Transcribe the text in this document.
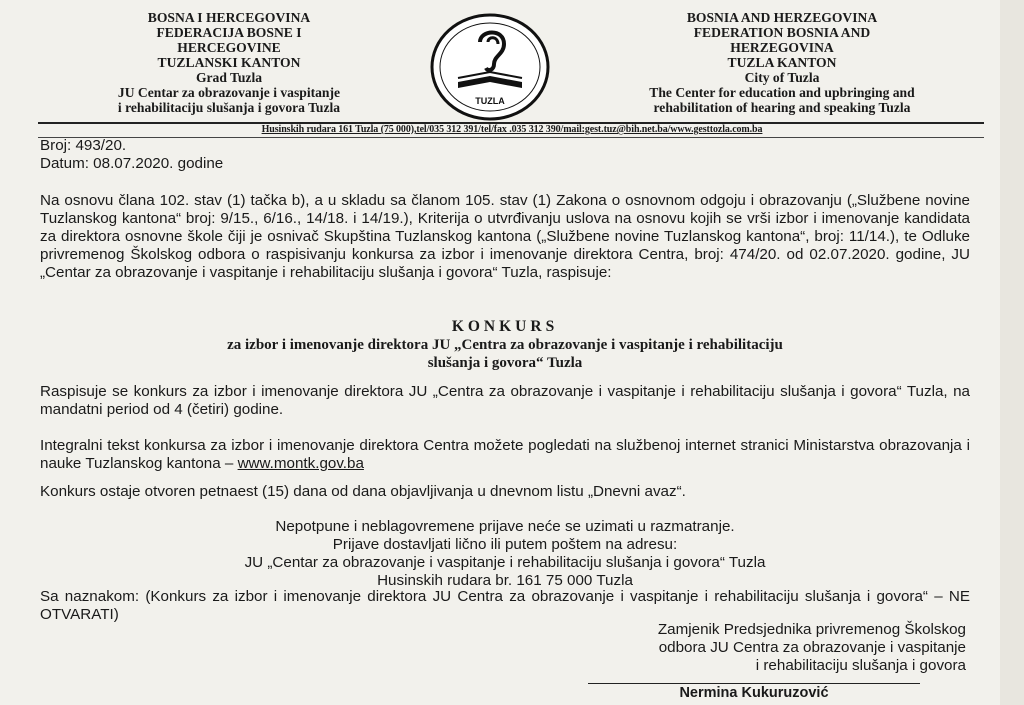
BOSNA I HERCEGOVINA
FEDERACIJA BOSNE I
HERCEGOVINE
TUZLANSKI KANTON
Grad Tuzla
JU Centar za obrazovanje i vaspitanje
i rehabilitaciju slušanja i govora Tuzla	TUZLA
BOSNIA AND HERZEGOVINA
FEDERATION BOSNIA AND
HERZEGOVINA
TUZLA KANTON
City of Tuzla
The Center for education and upbringing and
rehabilitation of hearing and speaking Tuzla
Husinskih rudara 161 Tuzla (75 000),tel/035 312 391/tel/fax .035 312 390/mail:gest.tuz@bih.net.ba/www.gesttozla.com.ba
Broj: 493/20.
Datum: 08.07.2020. godine
Na osnovu člana 102. stav (1) tačka b), a u skladu sa članom 105. stav (1) Zakona o osnovnom odgoju i obrazovanju („Službene novine Tuzlanskog kantona“ broj: 9/15., 6/16., 14/18. i 14/19.), Kriterija o utvrđivanju uslova na osnovu kojih se vrši izbor i imenovanje kandidata za direktora osnovne škole čiji je osnivač Skupština Tuzlanskog kantona („Službene novine Tuzlanskog kantona“, broj: 11/14.), te Odluke privremenog Školskog odbora o raspisivanju konkursa za izbor i imenovanje direktora Centra, broj: 474/20. od 02.07.2020. godine, JU „Centar za obrazovanje i vaspitanje i rehabilitaciju slušanja i govora“ Tuzla, raspisuje:
KONKURS
za izbor i imenovanje direktora JU „Centra za obrazovanje i vaspitanje i rehabilitaciju
slušanja i govora“ Tuzla
Raspisuje se konkurs za izbor i imenovanje direktora JU „Centra za obrazovanje i vaspitanje i rehabilitaciju slušanja i govora“ Tuzla, na mandatni period od 4 (četiri) godine.
Integralni tekst konkursa za izbor i imenovanje direktora Centra možete pogledati na službenoj internet stranici Ministarstva obrazovanja i nauke Tuzlanskog kantona – www.montk.gov.ba
Konkurs ostaje otvoren petnaest (15) dana od dana objavljivanja u dnevnom listu „Dnevni avaz“.
Nepotpune i neblagovremene prijave neće se uzimati u razmatranje.
Prijave dostavljati lično ili putem poštem na adresu:
JU „Centar za obrazovanje i vaspitanje i rehabilitaciju slušanja i govora“ Tuzla
Husinskih rudara br. 161 75 000 Tuzla
Sa naznakom: (Konkurs za izbor i imenovanje direktora JU Centra za obrazovanje i vaspitanje i rehabilitaciju slušanja i govora“ – NE OTVARATI)
Zamjenik Predsjednika privremenog Školskog
odbora JU Centra za obrazovanje i vaspitanje
i rehabilitaciju slušanja i govora
Nermina Kukuruzović
